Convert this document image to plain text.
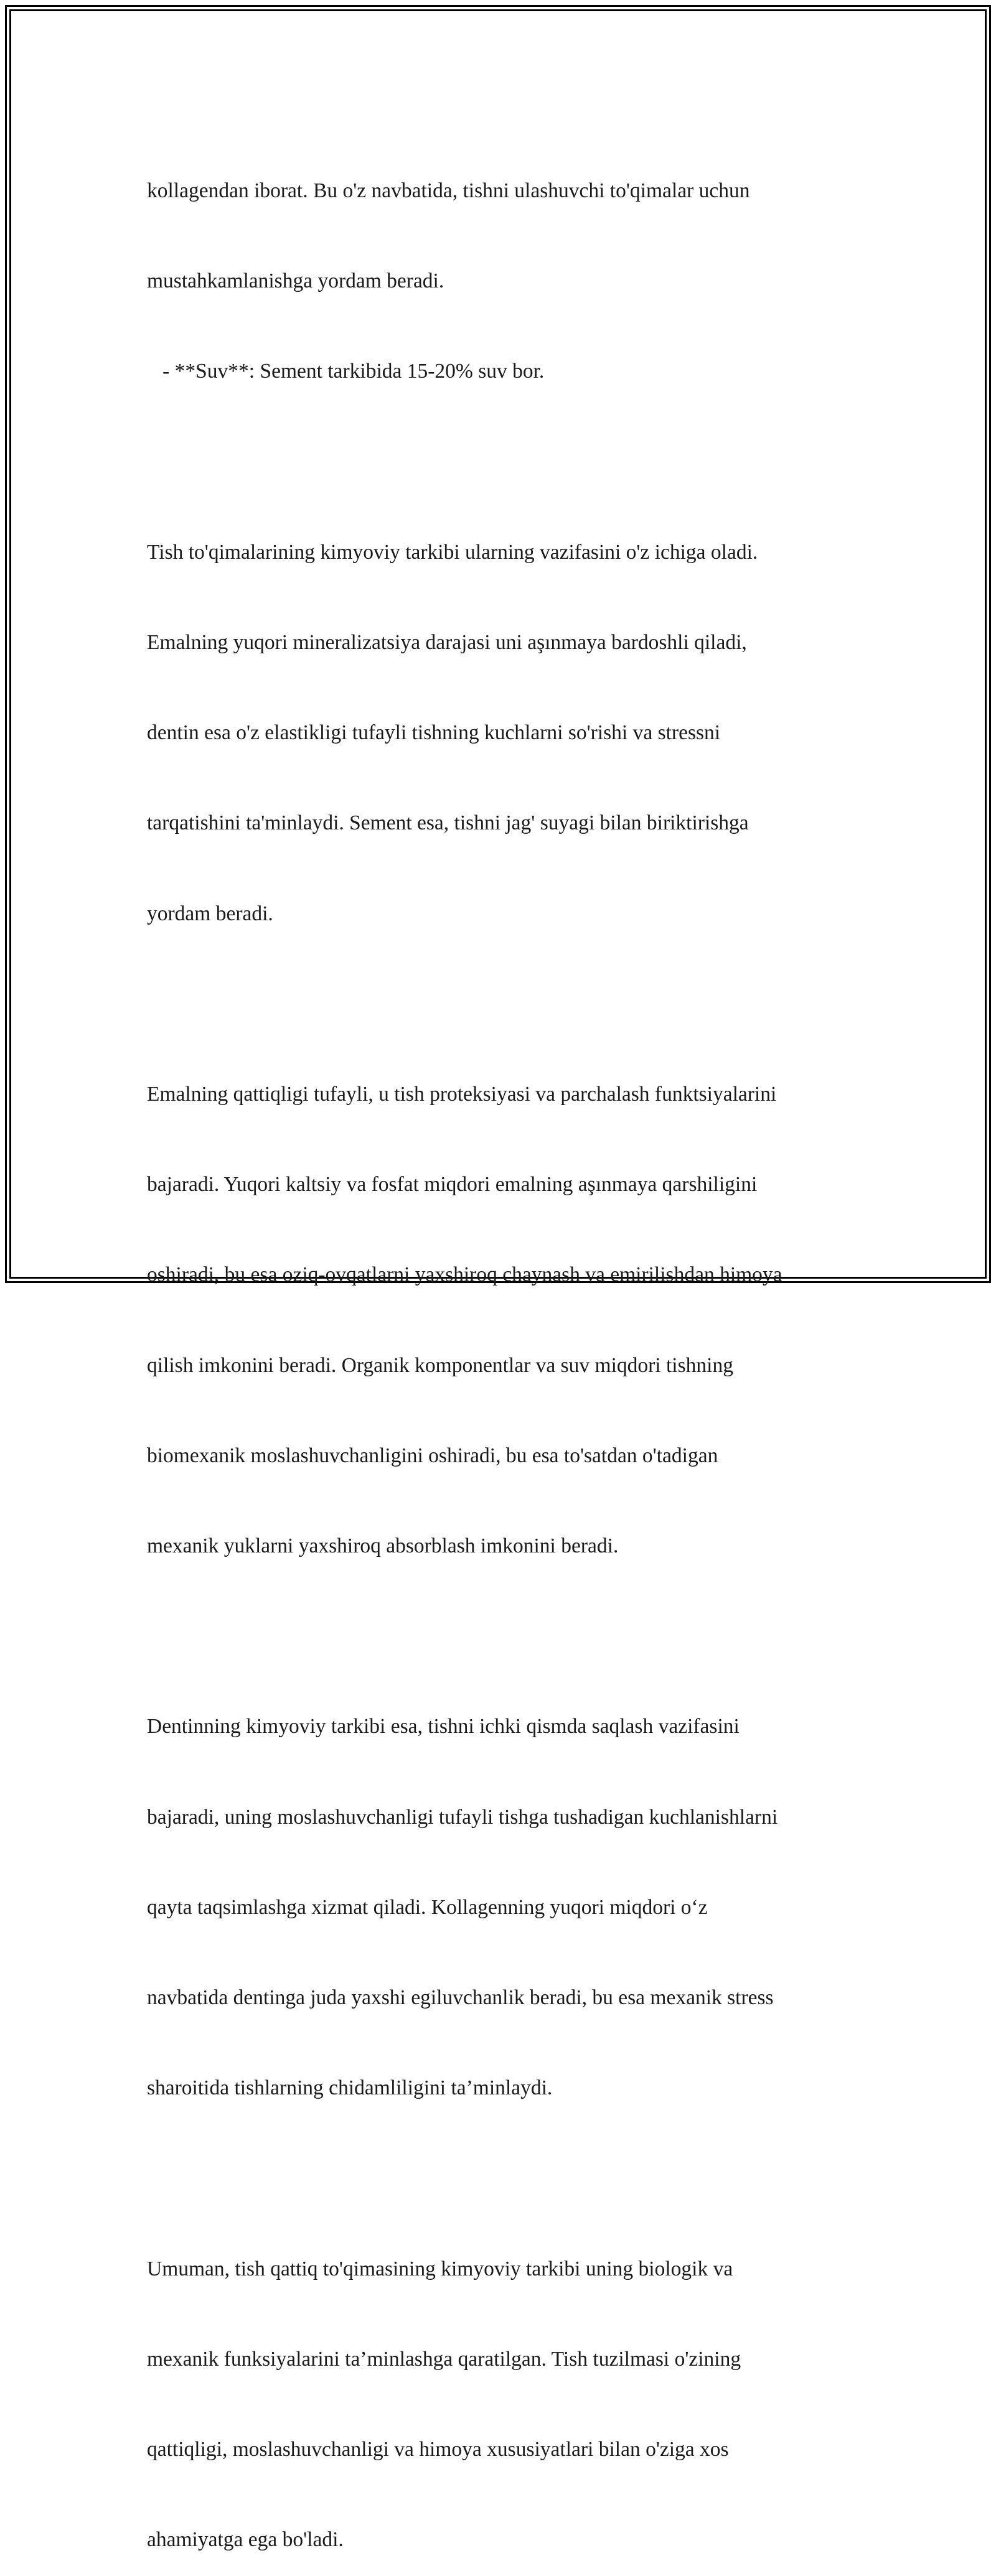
kollagendan iborat. Bu o'z navbatida, tishni ulashuvchi to'qimalar uchun

mustahkamlanishga yordam beradi.

- **Suv**: Sement tarkibida 15-20% suv bor.

Tish to'qimalarining kimyoviy tarkibi ularning vazifasini o'z ichiga oladi.

Emalning yuqori mineralizatsiya darajasi uni aşınmaya bardoshli qiladi,

dentin esa o'z elastikligi tufayli tishning kuchlarni so'rishi va stressni

tarqatishini ta'minlaydi. Sement esa, tishni jag' suyagi bilan biriktirishga

yordam beradi.

Emalning qattiqligi tufayli, u tish proteksiyasi va parchalash funktsiyalarini

bajaradi. Yuqori kaltsiy va fosfat miqdori emalning aşınmaya qarshiligini

oshiradi, bu esa oziq-ovqatlarni yaxshiroq chaynash va emirilishdan himoya

qilish imkonini beradi. Organik komponentlar va suv miqdori tishning

biomexanik moslashuvchanligini oshiradi, bu esa to'satdan o'tadigan

mexanik yuklarni yaxshiroq absorblash imkonini beradi.

Dentinning kimyoviy tarkibi esa, tishni ichki qismda saqlash vazifasini

bajaradi, uning moslashuvchanligi tufayli tishga tushadigan kuchlanishlarni

qayta taqsimlashga xizmat qiladi. Kollagenning yuqori miqdori o‘z

navbatida dentinga juda yaxshi egiluvchanlik beradi, bu esa mexanik stress

sharoitida tishlarning chidamliligini ta’minlaydi.

Umuman, tish qattiq to'qimasining kimyoviy tarkibi uning biologik va

mexanik funksiyalarini ta’minlashga qaratilgan. Tish tuzilmasi o'zining

qattiqligi, moslashuvchanligi va himoya xususiyatlari bilan o'ziga xos

ahamiyatga ega bo'ladi.
